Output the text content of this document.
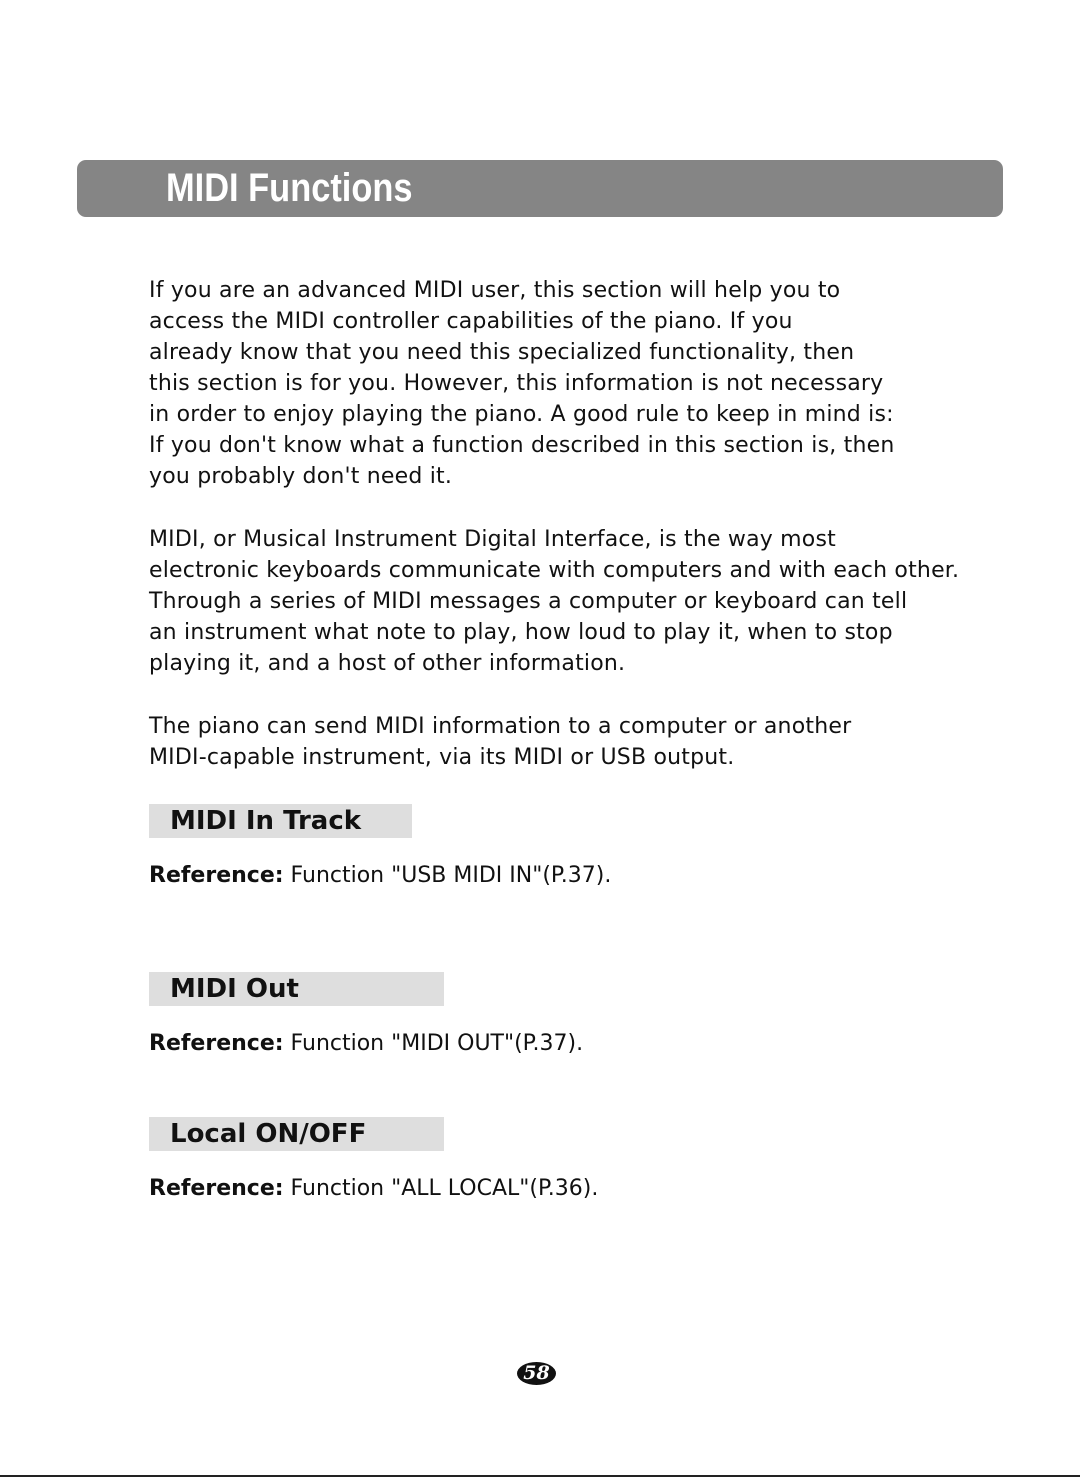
MIDI Functions
If you are an advanced MIDI user, this section will help you to
access the MIDI controller capabilities of the piano. If you
already know that you need this specialized functionality, then
this section is for you. However, this information is not necessary
in order to enjoy playing the piano. A good rule to keep in mind is:
If you don't know what a function described in this section is, then
you probably don't need it.
MIDI, or Musical Instrument Digital Interface, is the way most
electronic keyboards communicate with computers and with each other.
Through a series of MIDI messages a computer or keyboard can tell
an instrument what note to play, how loud to play it, when to stop
playing it, and a host of other information.
The piano can send MIDI information to a computer or another
MIDI-capable instrument, via its MIDI or USB output.
MIDI In Track
Reference: Function "USB MIDI IN"(P.37).
MIDI Out
Reference: Function "MIDI OUT"(P.37).
Local ON/OFF
Reference: Function "ALL LOCAL"(P.36).
58
